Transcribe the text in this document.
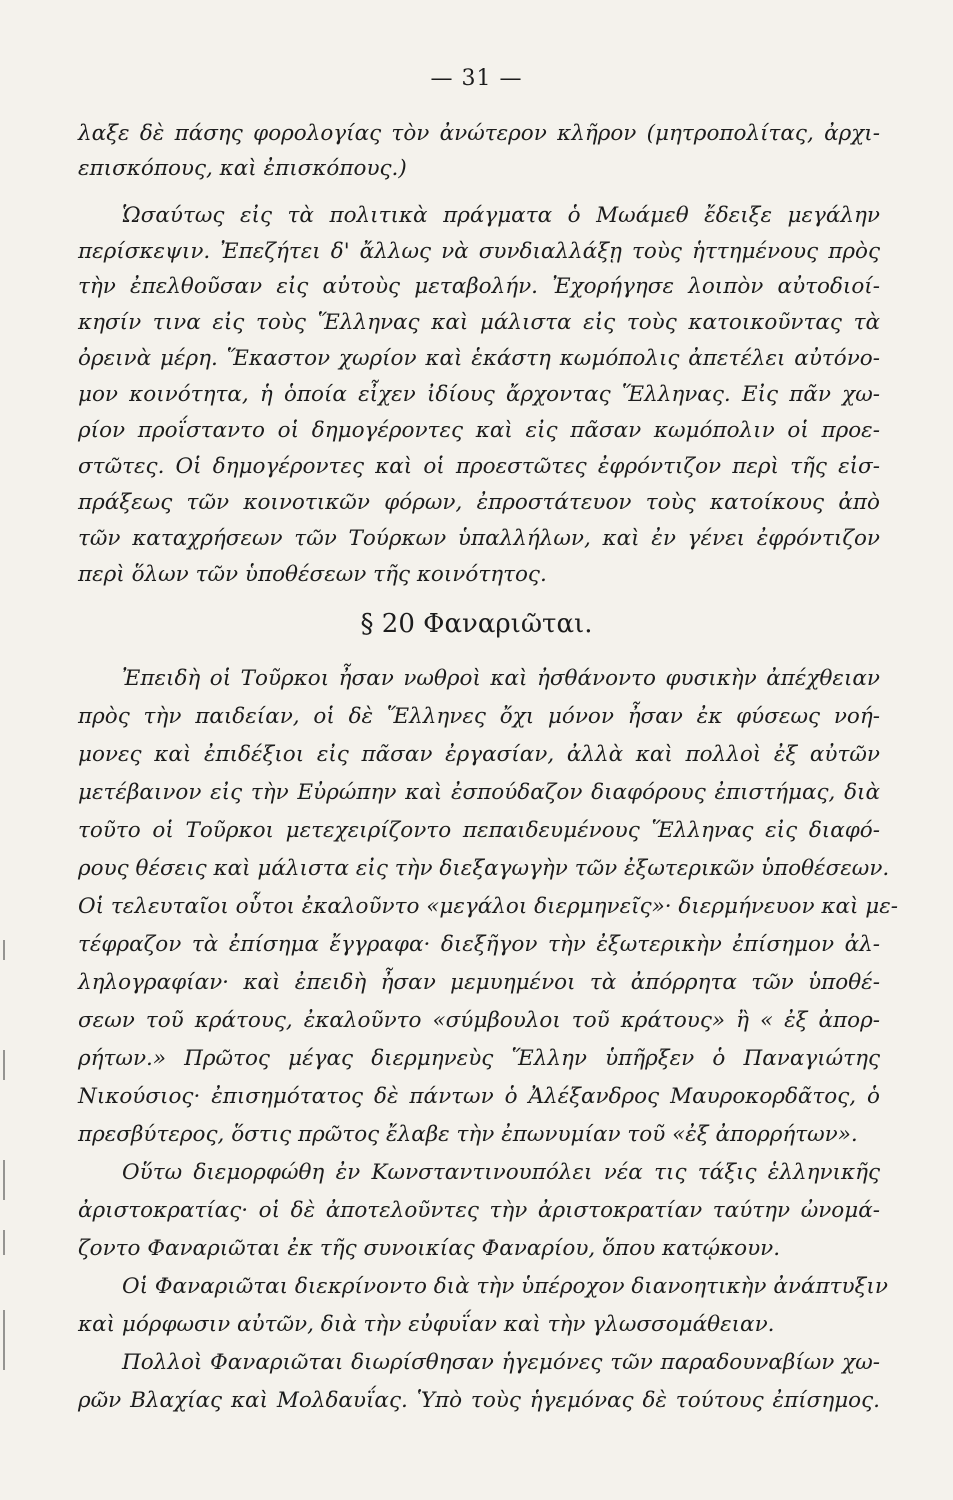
— 31 —
λαξε δὲ πάσης φορολογίας τὸν ἀνώτερον κλῆρον (μητροπολίτας, ἀρχι-
επισκόπους, καὶ ἐπισκόπους.)
Ὡσαύτως εἰς τὰ πολιτικὰ πράγματα ὁ Μωάμεθ ἔδειξε μεγάλην
περίσκεψιν. Ἐπεζήτει δ' ἄλλως νὰ συνδιαλλάξῃ τοὺς ἡττημένους πρὸς
τὴν ἐπελθοῦσαν εἰς αὐτοὺς μεταβολήν. Ἐχορήγησε λοιπὸν αὐτοδιοί-
κησίν τινα εἰς τοὺς Ἕλληνας καὶ μάλιστα εἰς τοὺς κατοικοῦντας τὰ
ὀρεινὰ μέρη. Ἕκαστον χωρίον καὶ ἑκάστη κωμόπολις ἀπετέλει αὐτόνο-
μον κοινότητα, ἡ ὁποία εἶχεν ἰδίους ἄρχοντας Ἕλληνας. Εἰς πᾶν χω-
ρίον προΐσταντο οἱ δημογέροντες καὶ εἰς πᾶσαν κωμόπολιν οἱ προε-
στῶτες. Οἱ δημογέροντες καὶ οἱ προεστῶτες ἐφρόντιζον περὶ τῆς εἰσ-
πράξεως τῶν κοινοτικῶν φόρων, ἐπροστάτευον τοὺς κατοίκους ἀπὸ
τῶν καταχρήσεων τῶν Τούρκων ὑπαλλήλων, καὶ ἐν γένει ἐφρόντιζον
περὶ ὅλων τῶν ὑποθέσεων τῆς κοινότητος.
§ 20 Φαναριῶται.
Ἐπειδὴ οἱ Τοῦρκοι ἦσαν νωθροὶ καὶ ἠσθάνοντο φυσικὴν ἀπέχθειαν
πρὸς τὴν παιδείαν, οἱ δὲ Ἕλληνες ὄχι μόνον ἦσαν ἐκ φύσεως νοή-
μονες καὶ ἐπιδέξιοι εἰς πᾶσαν ἐργασίαν, ἀλλὰ καὶ πολλοὶ ἐξ αὐτῶν
μετέβαινον εἰς τὴν Εὐρώπην καὶ ἐσπούδαζον διαφόρους ἐπιστήμας, διὰ
τοῦτο οἱ Τοῦρκοι μετεχειρίζοντο πεπαιδευμένους Ἕλληνας εἰς διαφό-
ρους θέσεις καὶ μάλιστα εἰς τὴν διεξαγωγὴν τῶν ἐξωτερικῶν ὑποθέσεων.
Οἱ τελευταῖοι οὗτοι ἐκαλοῦντο «μεγάλοι διερμηνεῖς»· διερμήνευον καὶ με-
τέφραζον τὰ ἐπίσημα ἔγγραφα· διεξῆγον τὴν ἐξωτερικὴν ἐπίσημον ἀλ-
ληλογραφίαν· καὶ ἐπειδὴ ἦσαν μεμυημένοι τὰ ἀπόρρητα τῶν ὑποθέ-
σεων τοῦ κράτους, ἐκαλοῦντο «σύμβουλοι τοῦ κράτους» ἢ « ἐξ ἀπορ-
ρήτων.» Πρῶτος μέγας διερμηνεὺς Ἕλλην ὑπῆρξεν ὁ Παναγιώτης
Νικούσιος· ἐπισημότατος δὲ πάντων ὁ Ἀλέξανδρος Μαυροκορδᾶτος, ὁ
πρεσβύτερος, ὅστις πρῶτος ἔλαβε τὴν ἐπωνυμίαν τοῦ «ἐξ ἀπορρήτων».
Οὕτω διεμορφώθη ἐν Κωνσταντινουπόλει νέα τις τάξις ἑλληνικῆς
ἀριστοκρατίας· οἱ δὲ ἀποτελοῦντες τὴν ἀριστοκρατίαν ταύτην ὠνομά-
ζοντο Φαναριῶται ἐκ τῆς συνοικίας Φαναρίου, ὅπου κατῴκουν.
Οἱ Φαναριῶται διεκρίνοντο διὰ τὴν ὑπέροχον διανοητικὴν ἀνάπτυξιν
καὶ μόρφωσιν αὐτῶν, διὰ τὴν εὐφυΐαν καὶ τὴν γλωσσομάθειαν.
Πολλοὶ Φαναριῶται διωρίσθησαν ἡγεμόνες τῶν παραδουναβίων χω-
ρῶν Βλαχίας καὶ Μολδαυΐας. Ὑπὸ τοὺς ἡγεμόνας δὲ τούτους ἐπίσημος.
